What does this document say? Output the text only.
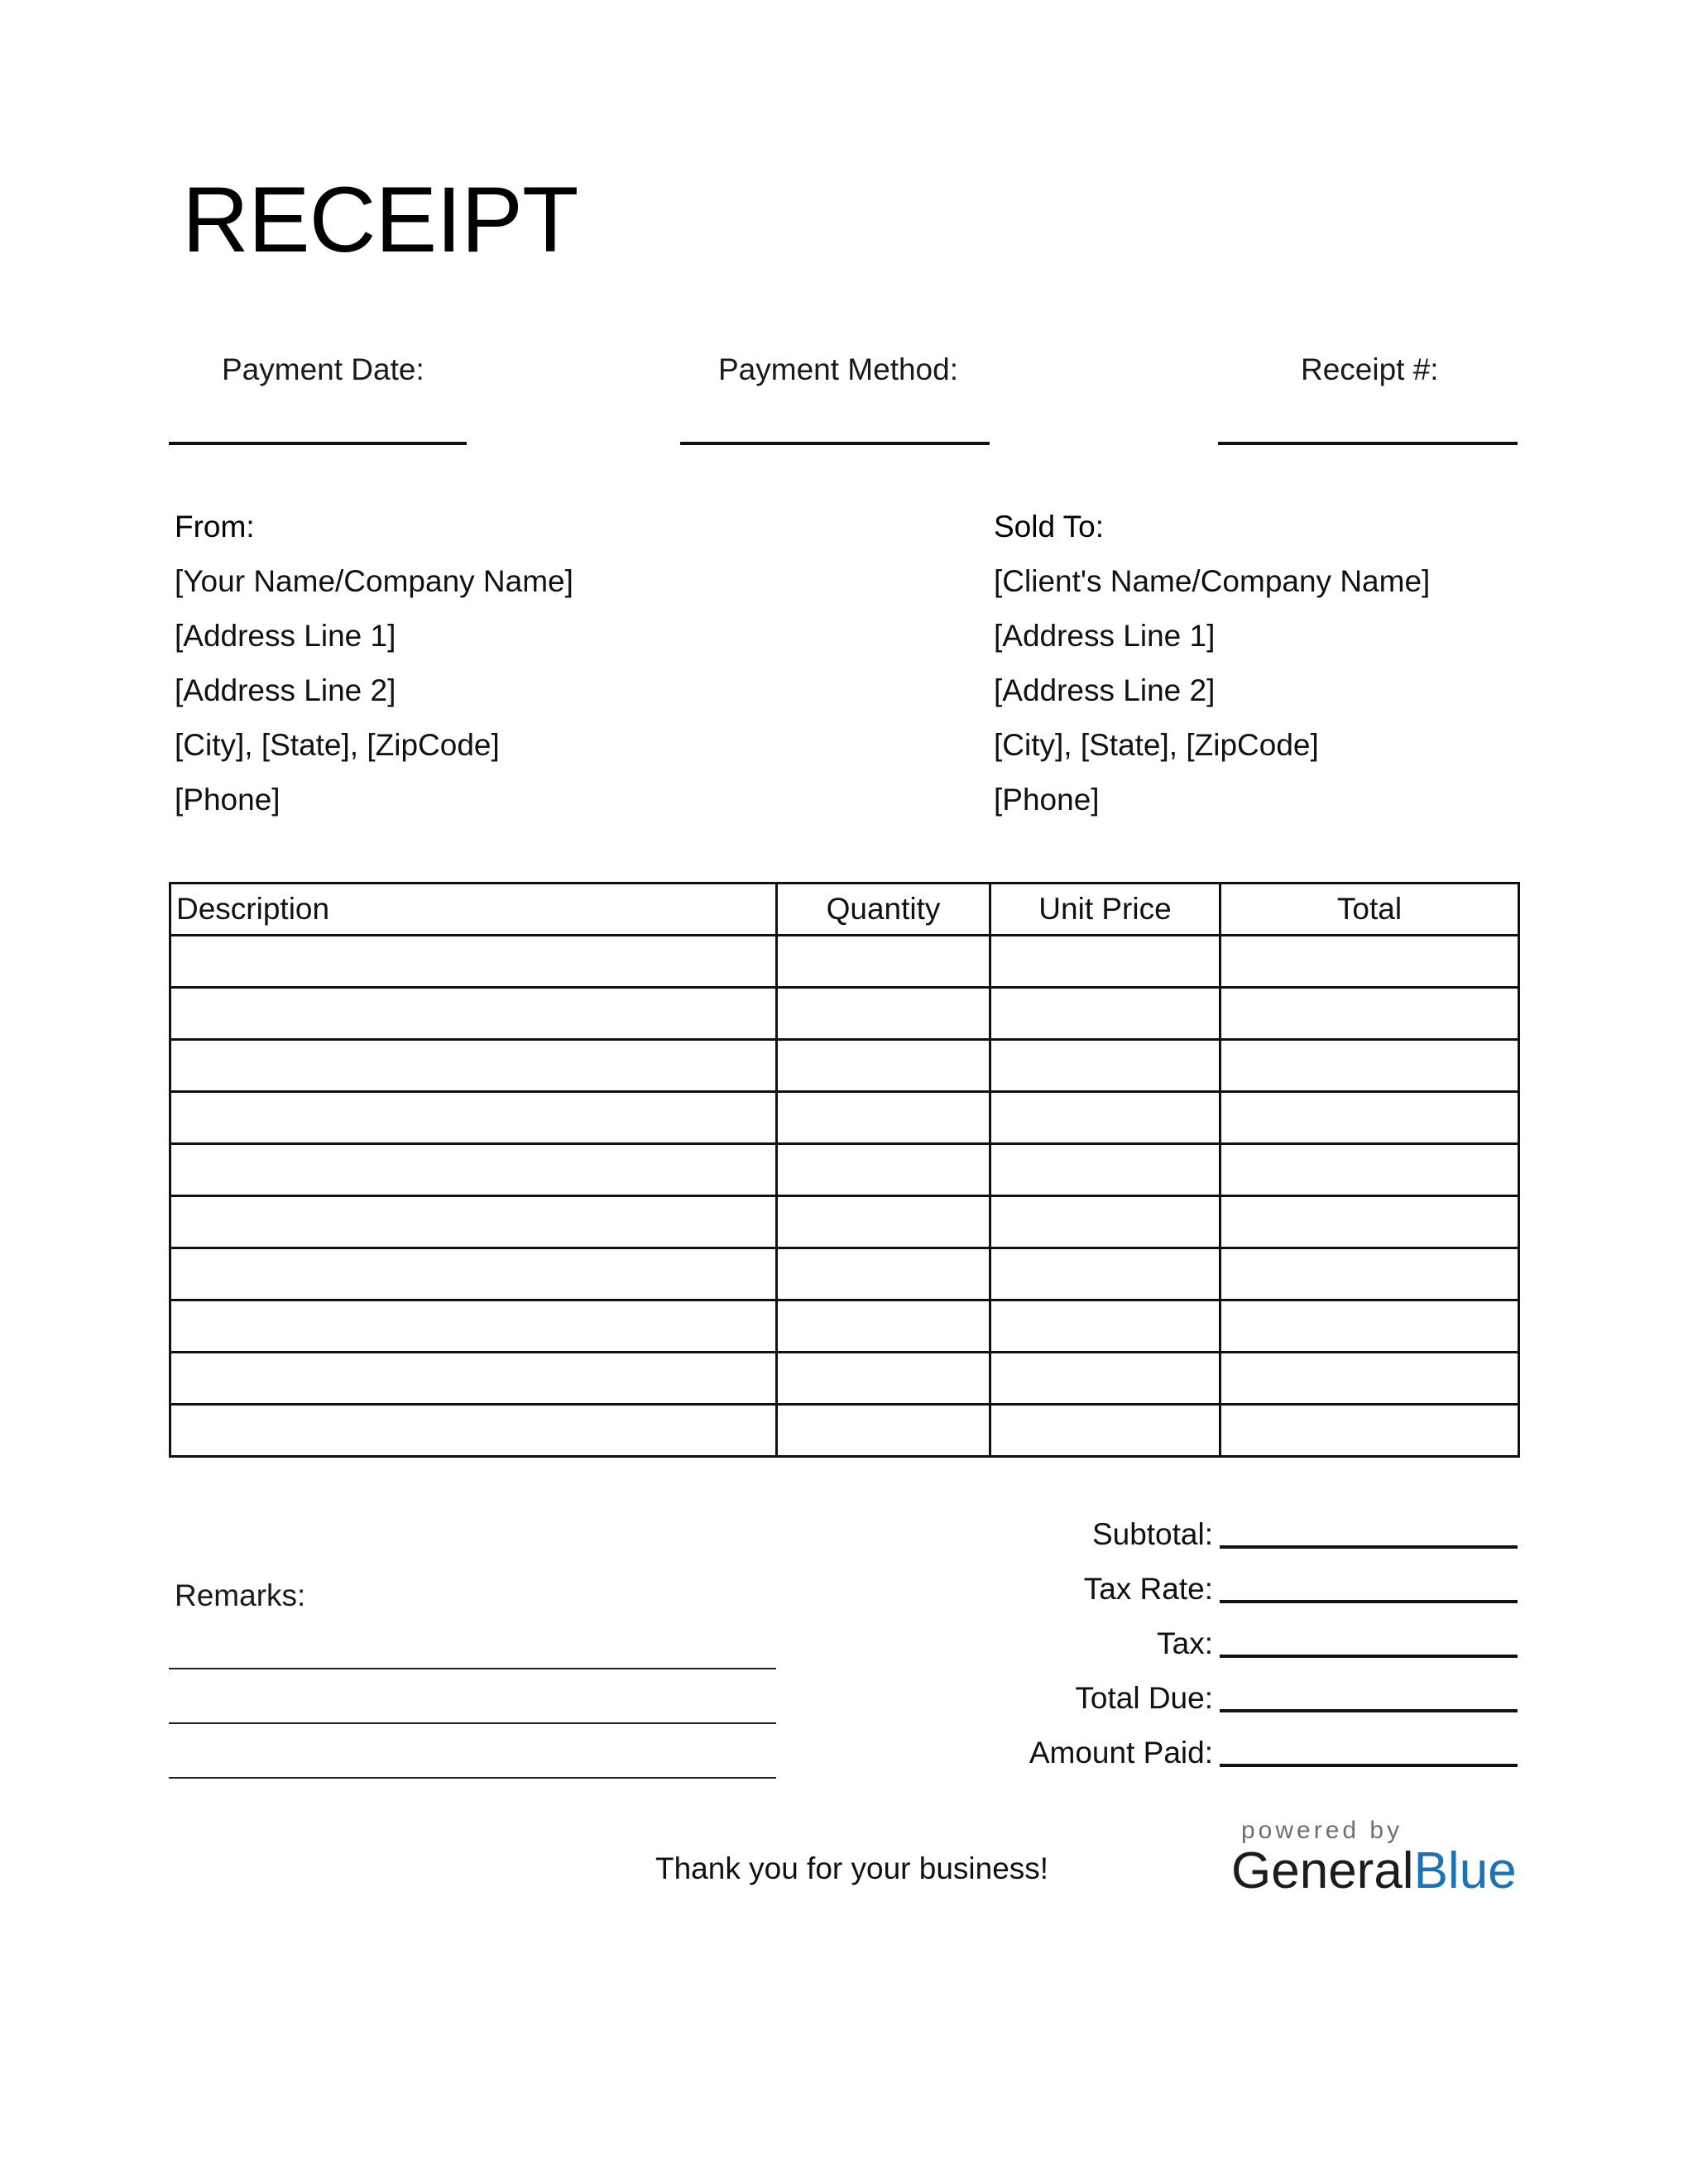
RECEIPT
Payment Date:	Payment Method:	Receipt #:
From:
[Your Name/Company Name]
[Address Line 1]
[Address Line 2]
[City], [State], [ZipCode]
[Phone]
Sold To:
[Client's Name/Company Name]
[Address Line 1]
[Address Line 2]
[City], [State], [ZipCode]
[Phone]
Description	Quantity	Unit Price	Total

Remarks:
Subtotal:
Tax Rate:
Tax:
Total Due:
Amount Paid:
Thank you for your business!
powered by
GeneralBlue
